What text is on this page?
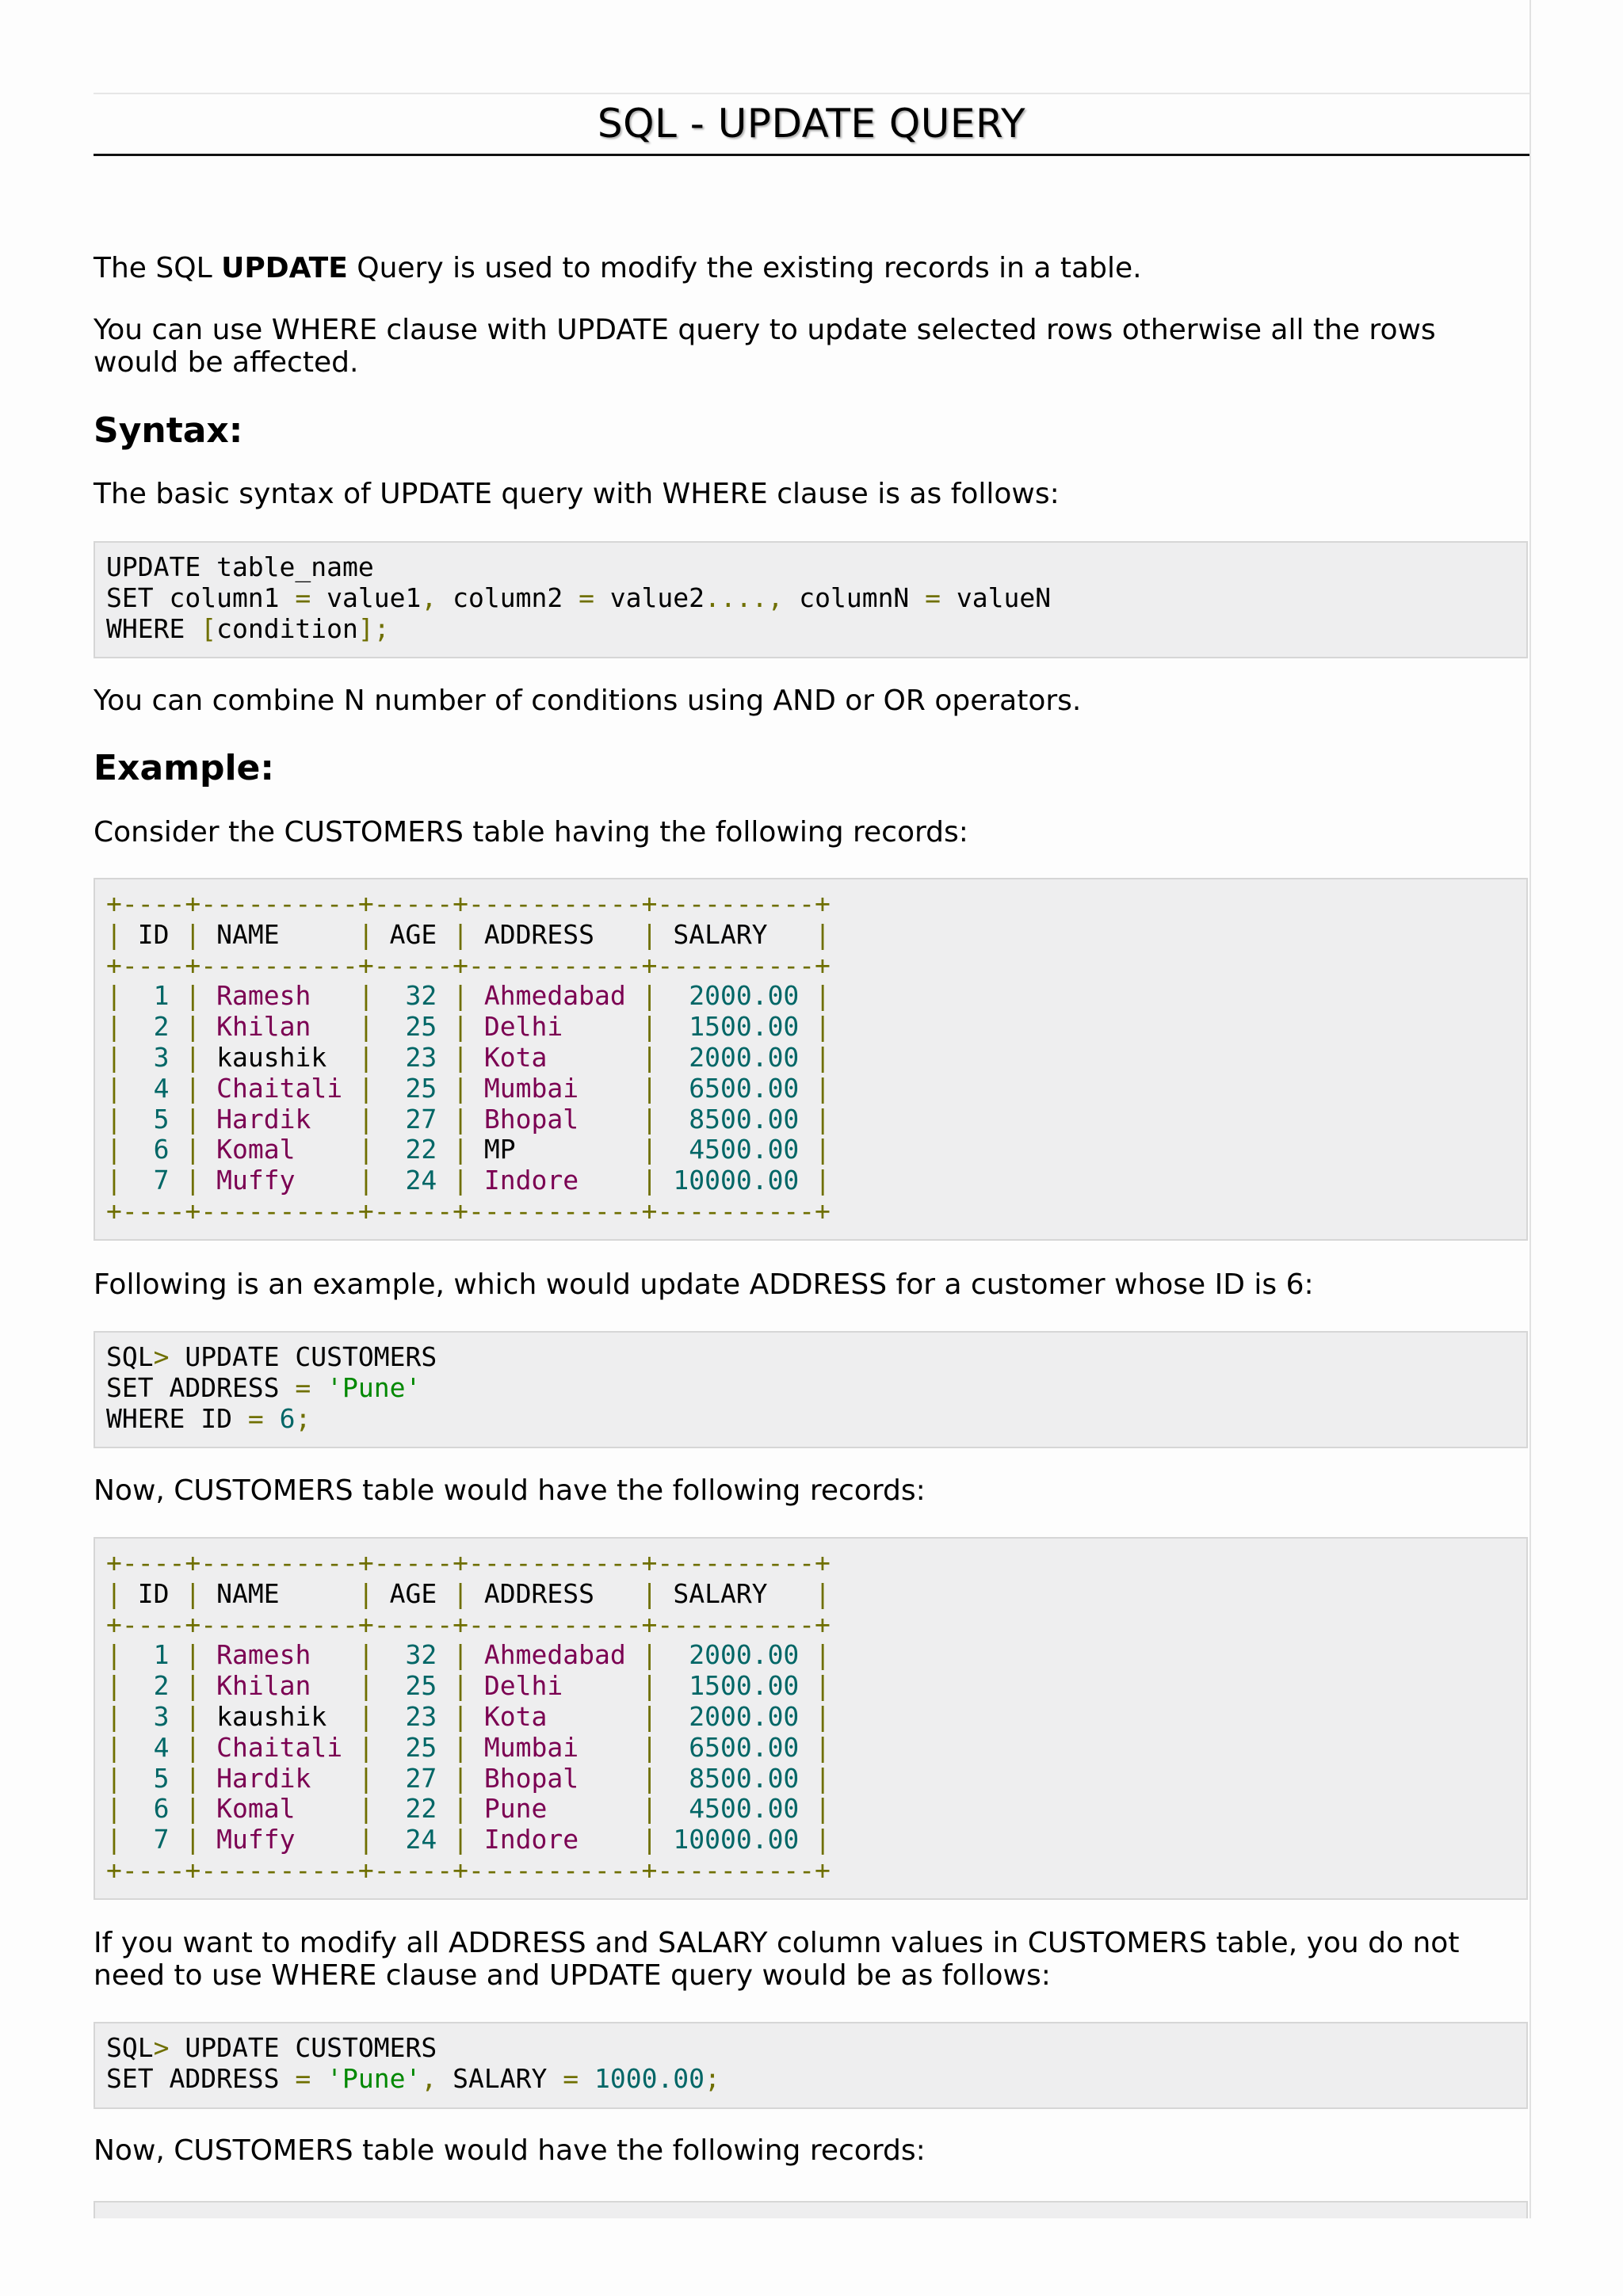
SQL - UPDATE QUERY

The SQL UPDATE Query is used to modify the existing records in a table.

You can use WHERE clause with UPDATE query to update selected rows otherwise all the rows would be affected.

Syntax:

The basic syntax of UPDATE query with WHERE clause is as follows:

UPDATE table_name
SET column1 = value1, column2 = value2...., columnN = valueN
WHERE [condition];

You can combine N number of conditions using AND or OR operators.

Example:

Consider the CUSTOMERS table having the following records:

+----+----------+-----+-----------+----------+
| ID | NAME     | AGE | ADDRESS   | SALARY   |
+----+----------+-----+-----------+----------+
|  1 | Ramesh   |  32 | Ahmedabad |  2000.00 |
|  2 | Khilan   |  25 | Delhi     |  1500.00 |
|  3 | kaushik  |  23 | Kota      |  2000.00 |
|  4 | Chaitali |  25 | Mumbai    |  6500.00 |
|  5 | Hardik   |  27 | Bhopal    |  8500.00 |
|  6 | Komal    |  22 | MP        |  4500.00 |
|  7 | Muffy    |  24 | Indore    | 10000.00 |
+----+----------+-----+-----------+----------+

Following is an example, which would update ADDRESS for a customer whose ID is 6:

SQL> UPDATE CUSTOMERS
SET ADDRESS = 'Pune'
WHERE ID = 6;

Now, CUSTOMERS table would have the following records:

+----+----------+-----+-----------+----------+
| ID | NAME     | AGE | ADDRESS   | SALARY   |
+----+----------+-----+-----------+----------+
|  1 | Ramesh   |  32 | Ahmedabad |  2000.00 |
|  2 | Khilan   |  25 | Delhi     |  1500.00 |
|  3 | kaushik  |  23 | Kota      |  2000.00 |
|  4 | Chaitali |  25 | Mumbai    |  6500.00 |
|  5 | Hardik   |  27 | Bhopal    |  8500.00 |
|  6 | Komal    |  22 | Pune      |  4500.00 |
|  7 | Muffy    |  24 | Indore    | 10000.00 |
+----+----------+-----+-----------+----------+

If you want to modify all ADDRESS and SALARY column values in CUSTOMERS table, you do not need to use WHERE clause and UPDATE query would be as follows:

SQL> UPDATE CUSTOMERS
SET ADDRESS = 'Pune', SALARY = 1000.00;

Now, CUSTOMERS table would have the following records:
